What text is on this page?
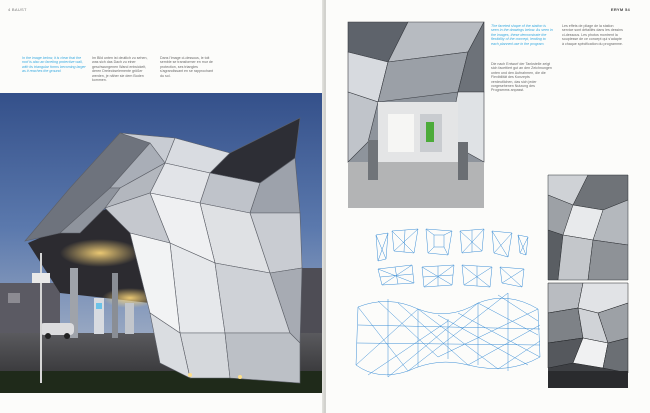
4 BAUST
In the image below, it is clear that the roof is also an faceting protective wall, with its triangular forms becoming larger as it reaches the ground.
Im Bild unten ist deutlich zu sehen, was sich das Dach zu einer geschwungenen Wand entwickelt, deren Dreieckselemente größer werden, je näher sie dem Boden kommen.
Dans l'image ci-dessous, le toit semble se transformer en mur de protection, ses triangles s'agrandissant en se rapprochant du sol.
ERYM 54
The faceted shape of the station is seen in the drawings below. As seen in the images, these demonstrate the flexibility of the concept, lending to each planned use in the program.
Die nach Entwurf der Tankstelle zeigt sich facettiert gut an den Zeichnungen unten und den Aufnahmen, die die Flexibilität des Konzepts verdeutlichen, das sich jeder vorgesehenen Nutzung des Programms anpasst.
Les effets de pliage de la station service sont détaillés dans les dessins ci-dessous. Les photos montrent la souplesse de ce concept qui s'adapte à chaque spécification du programme.
